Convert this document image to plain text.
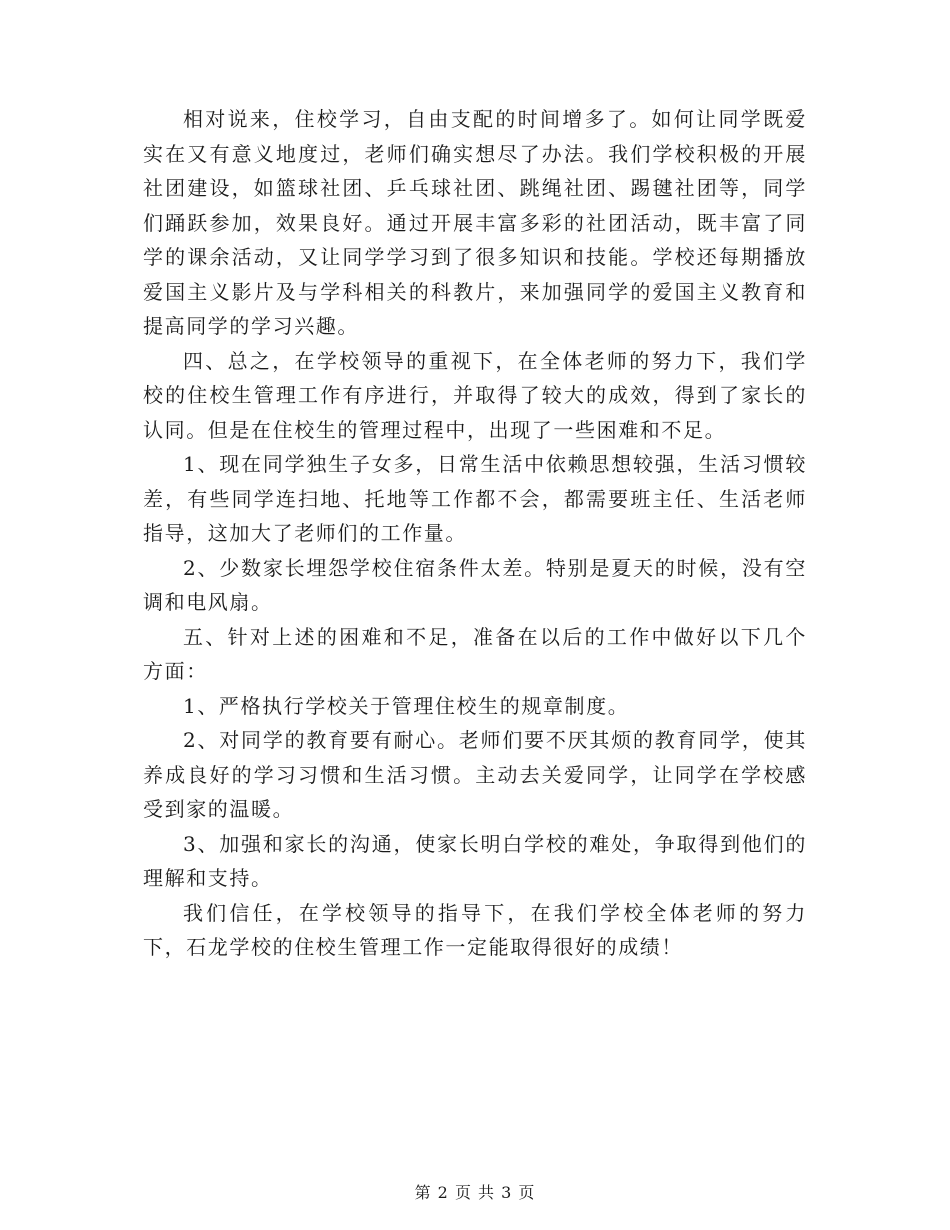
相对说来，住校学习，自由支配的时间增多了。如何让同学既爱实在又有意义地度过，老师们确实想尽了办法。我们学校积极的开展社团建设，如篮球社团、乒乓球社团、跳绳社团、踢毽社团等，同学们踊跃参加，效果良好。通过开展丰富多彩的社团活动，既丰富了同学的课余活动，又让同学学习到了很多知识和技能。学校还每期播放爱国主义影片及与学科相关的科教片，来加强同学的爱国主义教育和提高同学的学习兴趣。

四、总之，在学校领导的重视下，在全体老师的努力下，我们学校的住校生管理工作有序进行，并取得了较大的成效，得到了家长的认同。但是在住校生的管理过程中，出现了一些困难和不足。

1、现在同学独生子女多，日常生活中依赖思想较强，生活习惯较差，有些同学连扫地、托地等工作都不会，都需要班主任、生活老师指导，这加大了老师们的工作量。

2、少数家长埋怨学校住宿条件太差。特别是夏天的时候，没有空调和电风扇。

五、针对上述的困难和不足，准备在以后的工作中做好以下几个方面：

1、严格执行学校关于管理住校生的规章制度。

2、对同学的教育要有耐心。老师们要不厌其烦的教育同学，使其养成良好的学习习惯和生活习惯。主动去关爱同学，让同学在学校感受到家的温暖。

3、加强和家长的沟通，使家长明白学校的难处，争取得到他们的理解和支持。

我们信任，在学校领导的指导下，在我们学校全体老师的努力下，石龙学校的住校生管理工作一定能取得很好的成绩！

第 2 页 共 3 页
